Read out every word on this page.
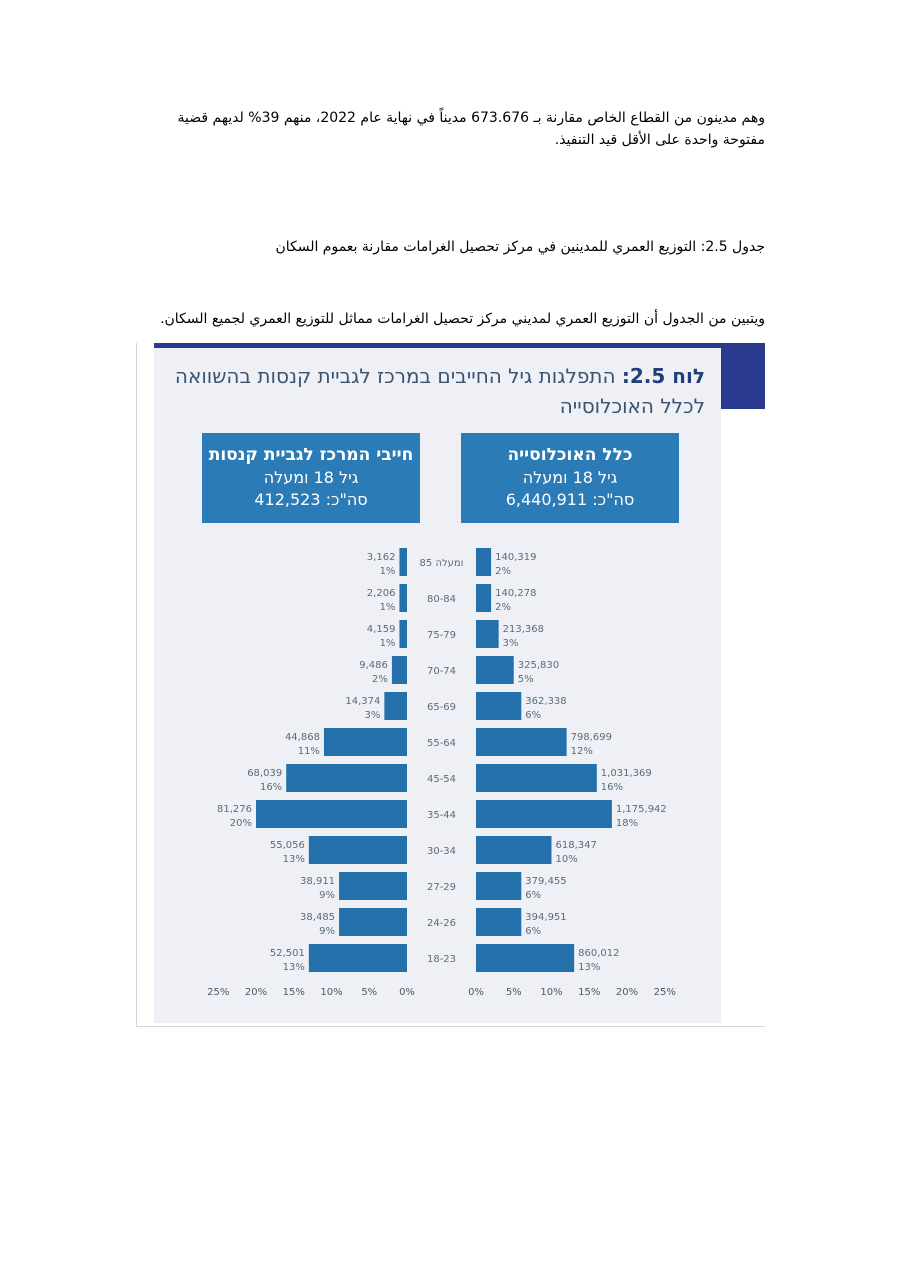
وهم مدينون من القطاع الخاص مقارنة بـ 673.676 مديناً في نهاية عام 2022، منهم 39% لديهم قضية مفتوحة واحدة على الأقل قيد التنفيذ.
جدول 2.5: التوزيع العمري للمدينين في مركز تحصيل الغرامات مقارنة بعموم السكان
ويتبين من الجدول أن التوزيع العمري لمديني مركز تحصيل الغرامات مماثل للتوزيع العمري لجميع السكان.
לוח 2.5: התפלגות גיל החייבים במרכז לגביית קנסות בהשוואה לכלל האוכלוסייה
חייבי המרכז לגביית קנסות
גיל 18 ומעלה
סה"כ: 412,523
כלל האוכלוסייה
גיל 18 ומעלה
סה"כ: 6,440,911
3,162
1%
140,319
2%
85 ומעלה
2,206
1%
140,278
2%
80-84
4,159
1%
213,368
3%
75-79
9,486
2%
325,830
5%
70-74
14,374
3%
362,338
6%
65-69
44,868
11%
798,699
12%
55-64
68,039
16%
1,031,369
16%
45-54
81,276
20%
1,175,942
18%
35-44
55,056
13%
618,347
10%
30-34
38,911
9%
379,455
6%
27-29
38,485
9%
394,951
6%
24-26
52,501
13%
860,012
13%
18-23
25% 20% 15% 10% 5% 0%	0% 5% 10% 15% 20% 25%
